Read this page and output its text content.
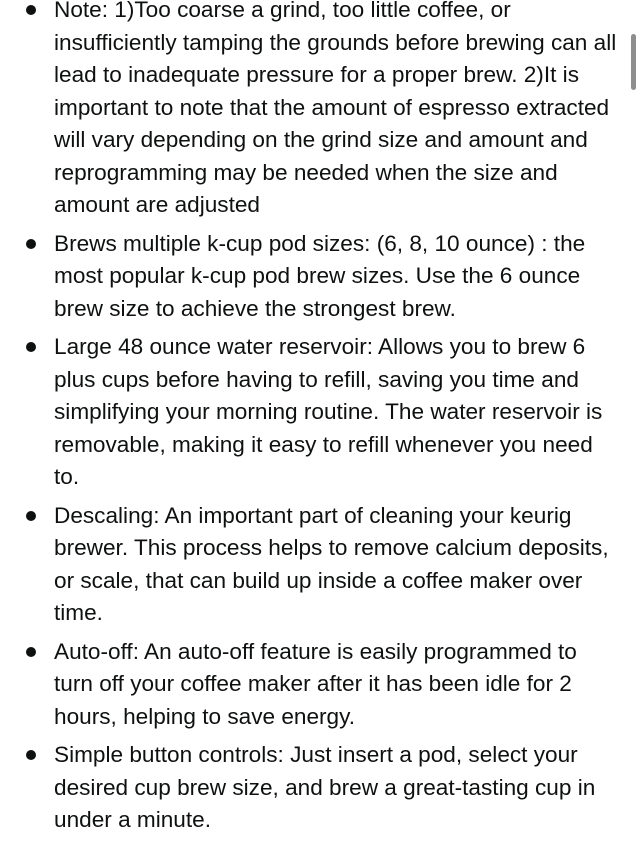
Note: 1)Too coarse a grind, too little coffee, or insufficiently tamping the grounds before brewing can all lead to inadequate pressure for a proper brew. 2)It is important to note that the amount of espresso extracted will vary depending on the grind size and amount and reprogramming may be needed when the size and amount are adjusted
Brews multiple k-cup pod sizes: (6, 8, 10 ounce) : the most popular k-cup pod brew sizes. Use the 6 ounce brew size to achieve the strongest brew.
Large 48 ounce water reservoir: Allows you to brew 6 plus cups before having to refill, saving you time and simplifying your morning routine. The water reservoir is removable, making it easy to refill whenever you need to.
Descaling: An important part of cleaning your keurig brewer. This process helps to remove calcium deposits, or scale, that can build up inside a coffee maker over time.
Auto-off: An auto-off feature is easily programmed to turn off your coffee maker after it has been idle for 2 hours, helping to save energy.
Simple button controls: Just insert a pod, select your desired cup brew size, and brew a great-tasting cup in under a minute.
